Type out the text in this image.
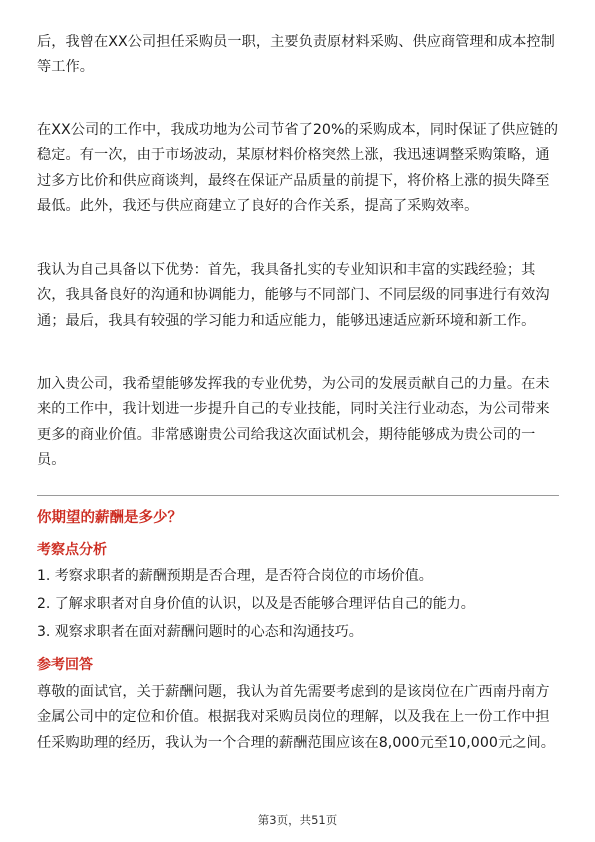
后，我曾在XX公司担任采购员一职，主要负责原材料采购、供应商管理和成本控制等工作。

在XX公司的工作中，我成功地为公司节省了20%的采购成本，同时保证了供应链的稳定。有一次，由于市场波动，某原材料价格突然上涨，我迅速调整采购策略，通过多方比价和供应商谈判，最终在保证产品质量的前提下，将价格上涨的损失降至最低。此外，我还与供应商建立了良好的合作关系，提高了采购效率。

我认为自己具备以下优势：首先，我具备扎实的专业知识和丰富的实践经验；其次，我具备良好的沟通和协调能力，能够与不同部门、不同层级的同事进行有效沟通；最后，我具有较强的学习能力和适应能力，能够迅速适应新环境和新工作。

加入贵公司，我希望能够发挥我的专业优势，为公司的发展贡献自己的力量。在未来的工作中，我计划进一步提升自己的专业技能，同时关注行业动态，为公司带来更多的商业价值。非常感谢贵公司给我这次面试机会，期待能够成为贵公司的一员。

你期望的薪酬是多少？

考察点分析

1. 考察求职者的薪酬预期是否合理，是否符合岗位的市场价值。

2. 了解求职者对自身价值的认识，以及是否能够合理评估自己的能力。

3. 观察求职者在面对薪酬问题时的心态和沟通技巧。

参考回答

尊敬的面试官，关于薪酬问题，我认为首先需要考虑到的是该岗位在广西南丹南方金属公司中的定位和价值。根据我对采购员岗位的理解，以及我在上一份工作中担任采购助理的经历，我认为一个合理的薪酬范围应该在8,000元至10,000元之间。

第3页，共51页
